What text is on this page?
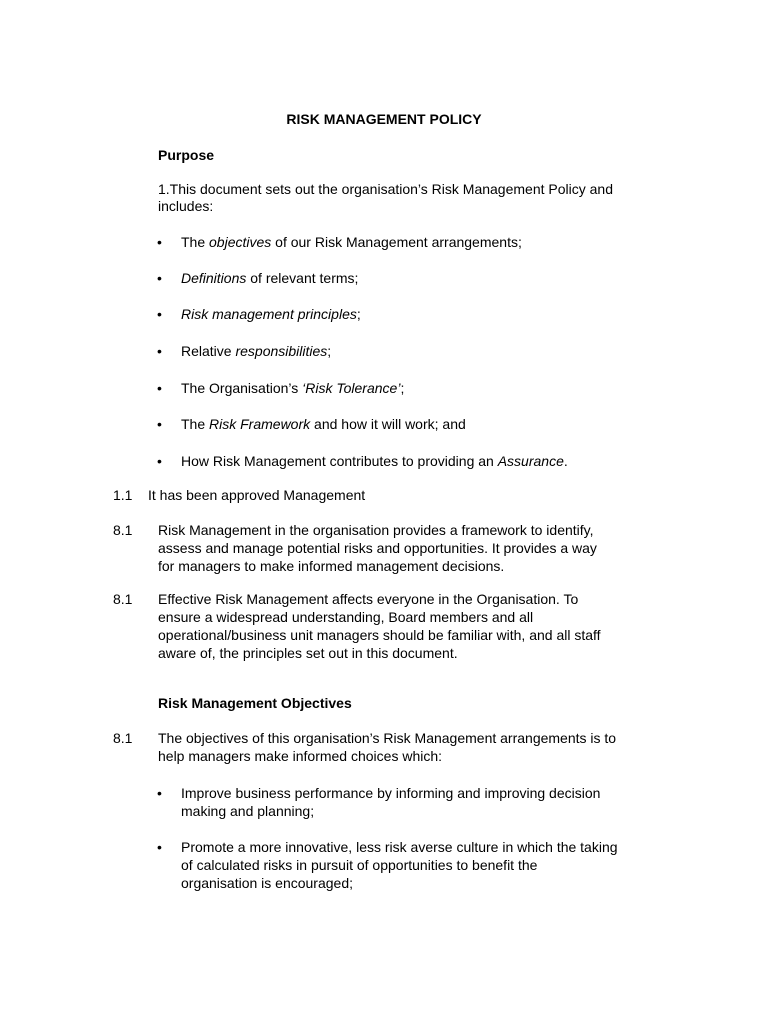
RISK MANAGEMENT POLICY
Purpose
1.This document sets out the organisation’s Risk Management Policy and
includes:
• The objectives of our Risk Management arrangements;
• Definitions of relevant terms;
• Risk management principles;
• Relative responsibilities;
• The Organisation’s ‘Risk Tolerance’;
• The Risk Framework and how it will work; and
• How Risk Management contributes to providing an Assurance.
1.1 It has been approved Management
8.1 Risk Management in the organisation provides a framework to identify,
assess and manage potential risks and opportunities. It provides a way
for managers to make informed management decisions.
8.1 Effective Risk Management affects everyone in the Organisation. To
ensure a widespread understanding, Board members and all
operational/business unit managers should be familiar with, and all staff
aware of, the principles set out in this document.
Risk Management Objectives
8.1 The objectives of this organisation’s Risk Management arrangements is to
help managers make informed choices which:
• Improve business performance by informing and improving decision
making and planning;
• Promote a more innovative, less risk averse culture in which the taking
of calculated risks in pursuit of opportunities to benefit the
organisation is encouraged;
